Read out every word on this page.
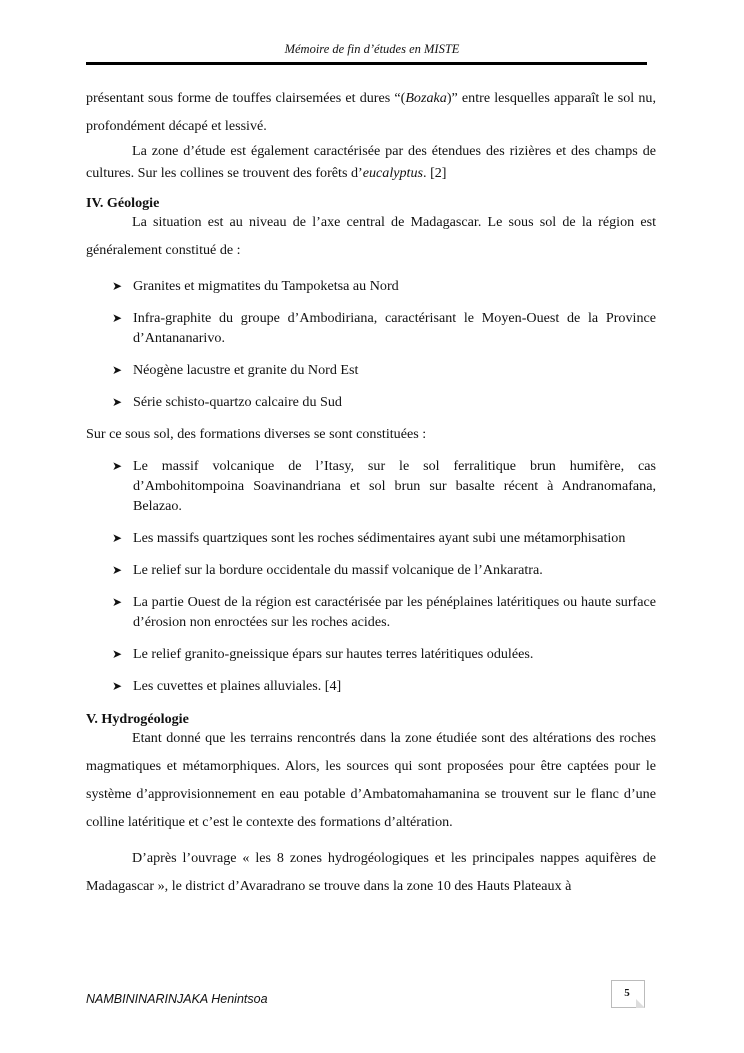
Mémoire de fin d’études en MISTE

présentant sous forme de touffes clairsemées et dures “(Bozaka)” entre lesquelles apparaît le sol nu, profondément décapé et lessivé.

La zone d’étude est également caractérisée par des étendues des rizières et des champs de cultures. Sur les collines se trouvent des forêts d’eucalyptus. [2]

IV. Géologie

La situation est au niveau de l’axe central de Madagascar. Le sous sol de la région est généralement constitué de :

➤ Granites et migmatites du Tampoketsa au Nord
➤ Infra-graphite du groupe d’Ambodiriana, caractérisant le Moyen-Ouest de la Province d’Antananarivo.
➤ Néogène lacustre et granite du Nord Est
➤ Série schisto-quartzo calcaire du Sud

Sur ce sous sol, des formations diverses se sont constituées :

➤ Le massif volcanique de l’Itasy, sur le sol ferralitique brun humifère, cas d’Ambohitompoina Soavinandriana et sol brun sur basalte récent à Andranomafana, Belazao.
➤ Les massifs quartziques sont les roches sédimentaires ayant subi une métamorphisation
➤ Le relief sur la bordure occidentale du massif volcanique de l’Ankaratra.
➤ La partie Ouest de la région est caractérisée par les pénéplaines latéritiques ou haute surface d’érosion non enroctées sur les roches acides.
➤ Le relief granito-gneissique épars sur hautes terres latéritiques odulées.
➤ Les cuvettes et plaines alluviales. [4]

V. Hydrogéologie

Etant donné que les terrains rencontrés dans la zone étudiée sont des altérations des roches magmatiques et métamorphiques. Alors, les sources qui sont proposées pour être captées pour le système d’approvisionnement en eau potable d’Ambatomahamanina se trouvent sur le flanc d’une colline latéritique et c’est le contexte des formations d’altération.

D’après l’ouvrage « les 8 zones hydrogéologiques et les principales nappes aquifères de Madagascar », le district d’Avaradrano se trouve dans la zone 10 des Hauts Plateaux à

NAMBININARINJAKA Henintsoa	5
